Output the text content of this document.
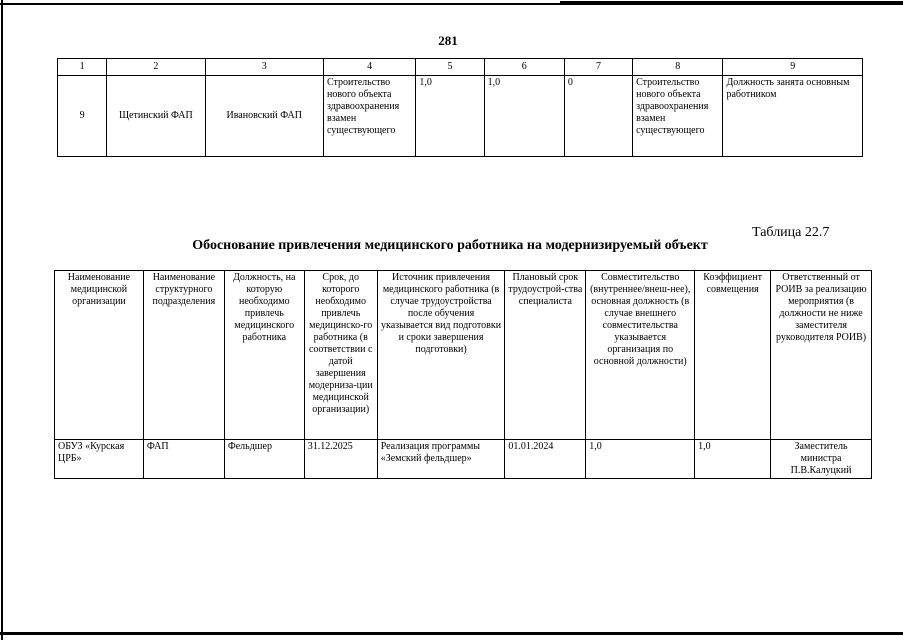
281
1	2	3	4	5	6	7	8	9
9	Щетинский ФАП	Ивановский ФАП	Строительство нового объекта здравоохранения взамен существующего	1,0	1,0	0	Строительство нового объекта здравоохранения взамен существующего	Должность занята основным работником
Таблица 22.7
Обоснование привлечения медицинского работника на модернизируемый объект
Наименование медицинской организации	Наименование структурного подразделения	Должность, на которую необходимо привлечь медицинского работника	Срок, до которого необходимо привлечь медицинско-го работника (в соответствии с датой завершения модерниза-ции медицинской организации)	Источник привлечения медицинского работника (в случае трудоустройства после обучения указывается вид подготовки и сроки завершения подготовки)	Плановый срок трудоустрой-ства специалиста	Совместительство (внутреннее/внеш-нее), основная должность (в случае внешнего совместительства указывается организация по основной должности)	Коэффициент совмещения	Ответственный от РОИВ за реализацию мероприятия (в должности не ниже заместителя руководителя РОИВ)
ОБУЗ «Курская ЦРБ»	ФАП	Фельдшер	31.12.2025	Реализация программы «Земский фельдшер»	01.01.2024	1,0	1,0	Заместитель министра П.В.Калуцкий
